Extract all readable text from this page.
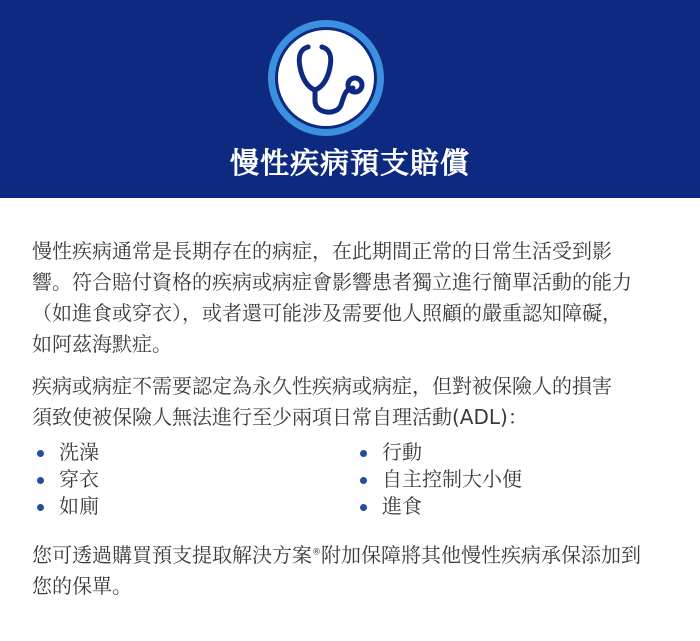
慢性疾病預支賠償

慢性疾病通常是長期存在的病症，在此期間正常的日常生活受到影響。符合賠付資格的疾病或病症會影響患者獨立進行簡單活動的能力（如進食或穿衣），或者還可能涉及需要他人照顧的嚴重認知障礙，如阿茲海默症。

疾病或病症不需要認定為永久性疾病或病症，但對被保險人的損害須致使被保險人無法進行至少兩項日常自理活動(ADL)：

洗澡	行動
穿衣	自主控制大小便
如廁	進食

您可透過購買預支提取解決方案®附加保障將其他慢性疾病承保添加到您的保單。
